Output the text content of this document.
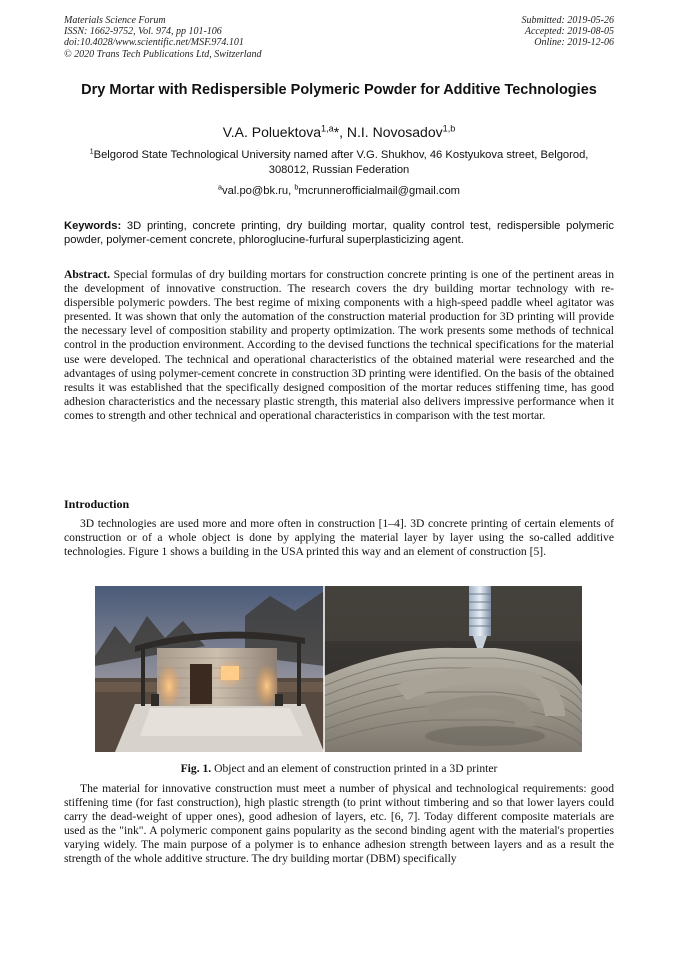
Materials Science Forum
ISSN: 1662-9752, Vol. 974, pp 101-106
doi:10.4028/www.scientific.net/MSF.974.101
© 2020 Trans Tech Publications Ltd, Switzerland
Submitted: 2019-05-26
Accepted: 2019-08-05
Online: 2019-12-06
Dry Mortar with Redispersible Polymeric Powder for Additive Technologies
V.A. Poluektova$^{1,a}$*, N.I. Novosadov$^{1,b}$
$^1$Belgorod State Technological University named after V.G. Shukhov, 46 Kostyukova street, Belgorod, 308012, Russian Federation
$^a$val.po@bk.ru, $^b$mcrunnerofficialmail@gmail.com
Keywords: 3D printing, concrete printing, dry building mortar, quality control test, redispersible polymeric powder, polymer-cement concrete, phloroglucine-furfural superplasticizing agent.
Abstract. Special formulas of dry building mortars for construction concrete printing is one of the pertinent areas in the development of innovative construction. The research covers the dry building mortar technology with re-dispersible polymeric powders. The best regime of mixing components with a high-speed paddle wheel agitator was presented. It was shown that only the automation of the construction material production for 3D printing will provide the necessary level of composition stability and property optimization. The work presents some methods of technical control in the production environment. According to the devised functions the technical specifications for the material use were developed. The technical and operational characteristics of the obtained material were researched and the advantages of using polymer-cement concrete in construction 3D printing were identified. On the basis of the obtained results it was established that the specifically designed composition of the mortar reduces stiffening time, has good adhesion characteristics and the necessary plastic strength, this material also delivers impressive performance when it comes to strength and other technical and operational characteristics in comparison with the test mortar.
Introduction
3D technologies are used more and more often in construction [1–4]. 3D concrete printing of certain elements of construction or of a whole object is done by applying the material layer by layer using the so-called additive technologies. Figure 1 shows a building in the USA printed this way and an element of construction [5].
Fig. 1. Object and an element of construction printed in a 3D printer
The material for innovative construction must meet a number of physical and technological requirements: good stiffening time (for fast construction), high plastic strength (to print without timbering and so that lower layers could carry the dead-weight of upper ones), good adhesion of layers, etc. [6, 7]. Today different composite materials are used as the "ink". A polymeric component gains popularity as the second binding agent with the material's properties varying widely. The main purpose of a polymer is to enhance adhesion strength between layers and as a result the strength of the whole additive structure. The dry building mortar (DBM) specifically
